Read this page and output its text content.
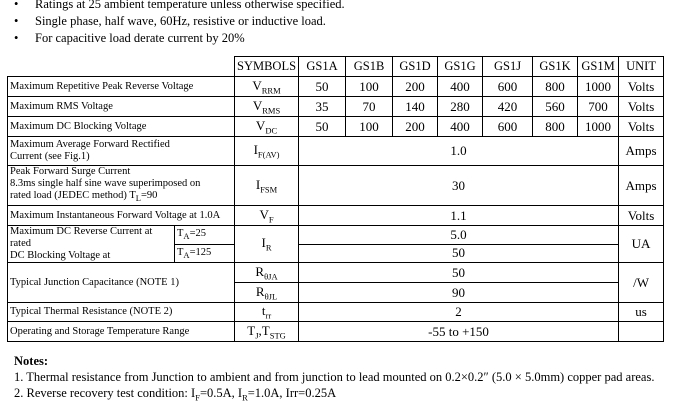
• Ratings at 25 ambient temperature unless otherwise specified.
• Single phase, half wave, 60Hz, resistive or inductive load.
• For capacitive load derate current by 20%
		SYMBOLS	GS1A	GS1B	GS1D	GS1G	GS1J	GS1K	GS1M	UNIT
Maximum Repetitive Peak Reverse Voltage		$V_{RRM}$	50	100	200	400	600	800	1000	Volts
Maximum RMS Voltage		$V_{RMS}$	35	70	140	280	420	560	700	Volts
Maximum DC Blocking Voltage		$V_{DC}$	50	100	200	400	600	800	1000	Volts
Maximum Average Forward Rectified
Current (see Fig.1)		$I_{F(AV)}$	1.0							Amps
Peak Forward Surge Current
8.3ms single half sine wave superimposed on
rated load (JEDEC method) $T_L=90$		$I_{FSM}$	30							Amps
Maximum Instantaneous Forward Voltage at 1.0A		$V_F$	1.1							Volts
Maximum DC Reverse Current at rated
DC Blocking Voltage at	$T_A=25$	$I_R$	5.0							UA
	$T_A=125$		50							
Typical Junction Capacitance (NOTE 1)		$R_{\theta JA}$	50							/W
		$R_{\theta JL}$	90							
Typical Thermal Resistance (NOTE 2)		$t_{rr}$	2							us
Operating and Storage Temperature Range		$T_J,T_{STG}$	-55 to +150							
Notes:
1. Thermal resistance from Junction to ambient and from junction to lead mounted on 0.2×0.2″ (5.0 × 5.0mm) copper pad areas.
2. Reverse recovery test condition: $I_F=0.5A$, $I_R=1.0A$, Irr=0.25A
